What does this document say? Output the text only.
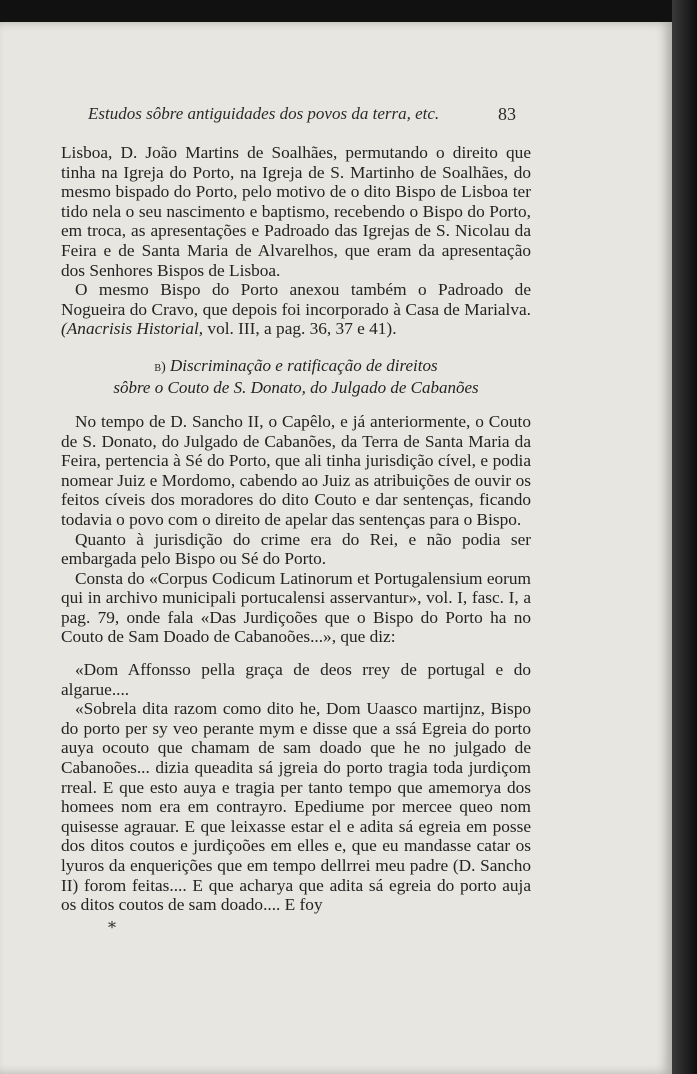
Estudos sôbre antiguidades dos povos da terra, etc.	83

Lisboa, D. João Martins de Soalhães, permutando o direito que tinha na Igreja do Porto, na Igreja de S. Martinho de Soalhães, do mesmo bispado do Porto, pelo motivo de o dito Bispo de Lisboa ter tido nela o seu nascimento e baptismo, recebendo o Bispo do Porto, em troca, as apresentações e Padroado das Igrejas de S. Nicolau da Feira e de Santa Maria de Alvarelhos, que eram da apresentação dos Senhores Bispos de Lisboa.

O mesmo Bispo do Porto anexou também o Padroado de Nogueira do Cravo, que depois foi incorporado à Casa de Marialva. (Anacrisis Historial, vol. III, a pag. 36, 37 e 41).

b) Discriminação e ratificação de direitos
sôbre o Couto de S. Donato, do Julgado de Cabanões

No tempo de D. Sancho II, o Capêlo, e já anteriormente, o Couto de S. Donato, do Julgado de Cabanões, da Terra de Santa Maria da Feira, pertencia à Sé do Porto, que ali tinha jurisdição cível, e podia nomear Juiz e Mordomo, cabendo ao Juiz as atribuições de ouvir os feitos cíveis dos moradores do dito Couto e dar sentenças, ficando todavia o povo com o direito de apelar das sentenças para o Bispo.

Quanto à jurisdição do crime era do Rei, e não podia ser embargada pelo Bispo ou Sé do Porto.

Consta do «Corpus Codicum Latinorum et Portugalensium eorum qui in archivo municipali portucalensi asservantur», vol. I, fasc. I, a pag. 79, onde fala «Das Jurdiçoões que o Bispo do Porto ha no Couto de Sam Doado de Cabanoões...», que diz:

«Dom Affonsso pella graça de deos rrey de portugal e do algarue....

«Sobrela dita razom como dito he, Dom Uaasco martijnz, Bispo do porto per sy veo perante mym e disse que a ssá Egreia do porto auya ocouto que chamam de sam doado que he no julgado de Cabanoões... dizia queadita sá jgreia do porto tragia toda jurdiçom rreal. E que esto auya e tragia per tanto tempo que amemorya dos homees nom era em contrayro. Epediume por mercee queo nom quisesse agrauar. E que leixasse estar el e adita sá egreia em posse dos ditos coutos e jurdiçoões em elles e, que eu mandasse catar os lyuros da enquerições que em tempo dellrrei meu padre (D. Sancho II) forom feitas.... E que acharya que adita sá egreia do porto auja os ditos coutos de sam doado.... E foy

*
